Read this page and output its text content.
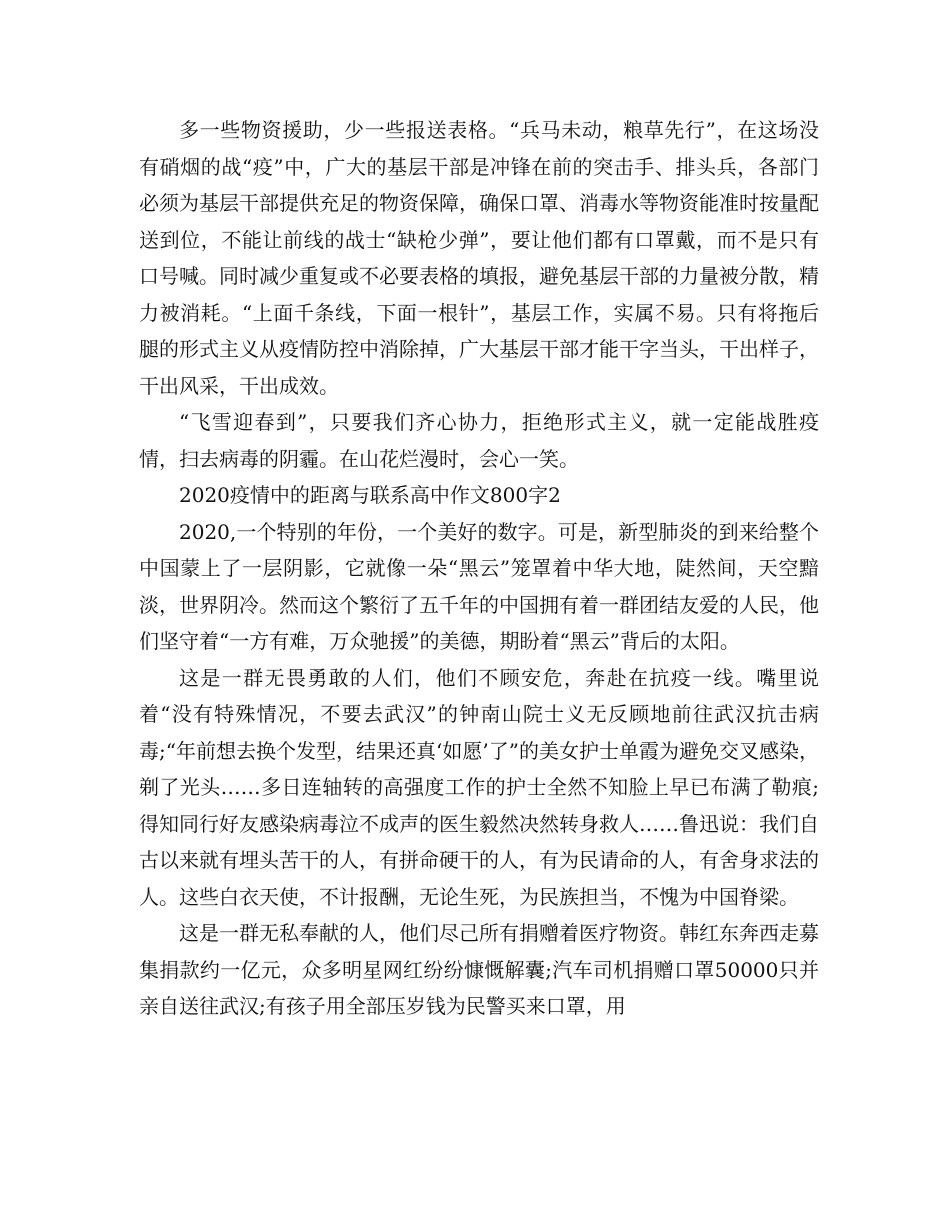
多一些物资援助，少一些报送表格。“兵马未动，粮草先行”，在这场没有硝烟的战“疫”中，广大的基层干部是冲锋在前的突击手、排头兵，各部门必须为基层干部提供充足的物资保障，确保口罩、消毒水等物资能准时按量配送到位，不能让前线的战士“缺枪少弹”，要让他们都有口罩戴，而不是只有口号喊。同时减少重复或不必要表格的填报，避免基层干部的力量被分散，精力被消耗。“上面千条线，下面一根针”，基层工作，实属不易。只有将拖后腿的形式主义从疫情防控中消除掉，广大基层干部才能干字当头，干出样子，干出风采，干出成效。

“飞雪迎春到”，只要我们齐心协力，拒绝形式主义，就一定能战胜疫情，扫去病毒的阴霾。在山花烂漫时，会心一笑。

2020疫情中的距离与联系高中作文800字2

2020,一个特别的年份，一个美好的数字。可是，新型肺炎的到来给整个中国蒙上了一层阴影，它就像一朵“黑云”笼罩着中华大地，陡然间，天空黯淡，世界阴冷。然而这个繁衍了五千年的中国拥有着一群团结友爱的人民，他们坚守着“一方有难，万众驰援”的美德，期盼着“黑云”背后的太阳。

这是一群无畏勇敢的人们，他们不顾安危，奔赴在抗疫一线。嘴里说着“没有特殊情况，不要去武汉”的钟南山院士义无反顾地前往武汉抗击病毒;“年前想去换个发型，结果还真‘如愿’了”的美女护士单霞为避免交叉感染，剃了光头……多日连轴转的高强度工作的护士全然不知脸上早已布满了勒痕;得知同行好友感染病毒泣不成声的医生毅然决然转身救人……鲁迅说：我们自古以来就有埋头苦干的人，有拼命硬干的人，有为民请命的人，有舍身求法的人。这些白衣天使，不计报酬，无论生死，为民族担当，不愧为中国脊梁。

这是一群无私奉献的人，他们尽己所有捐赠着医疗物资。韩红东奔西走募集捐款约一亿元，众多明星网红纷纷慷慨解囊;汽车司机捐赠口罩50000只并亲自送往武汉;有孩子用全部压岁钱为民警买来口罩，用
